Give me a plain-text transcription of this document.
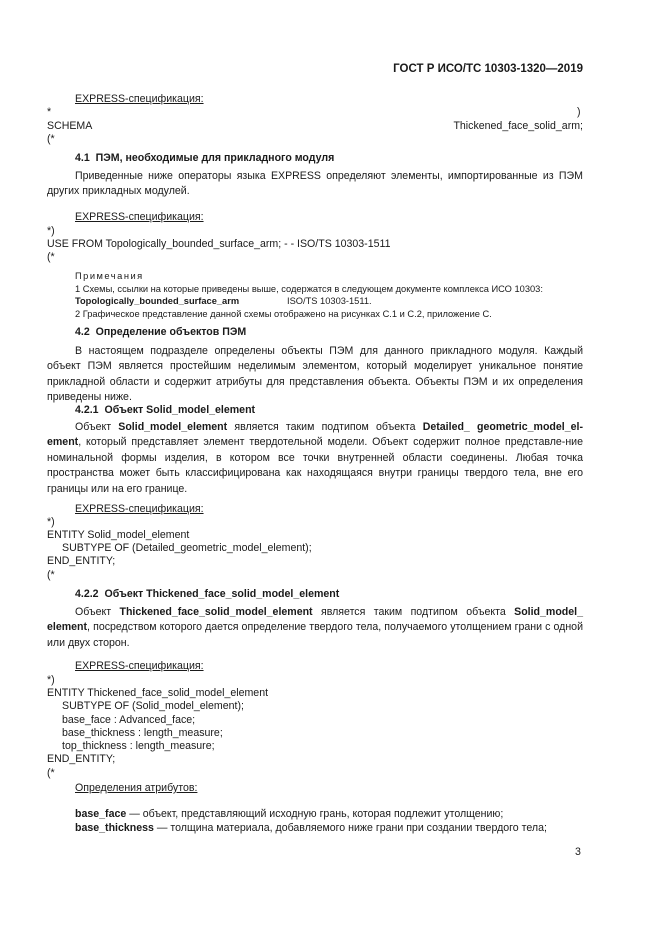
ГОСТ Р ИСО/ТС 10303-1320—2019
EXPRESS-спецификация:
*	)
SCHEMA	Thickened_face_solid_arm;
(*
4.1 ПЭМ, необходимые для прикладного модуля
Приведенные ниже операторы языка EXPRESS определяют элементы, импортированные из ПЭМ других прикладных модулей.
EXPRESS-спецификация:
*)
USE FROM Topologically_bounded_surface_arm; - - ISO/TS 10303-1511
(*
Примечания
1 Схемы, ссылки на которые приведены выше, содержатся в следующем документе комплекса ИСО 10303:
Topologically_bounded_surface_arm	ISO/TS 10303-1511.
2 Графическое представление данной схемы отображено на рисунках С.1 и С.2, приложение С.
4.2 Определение объектов ПЭМ
В настоящем подразделе определены объекты ПЭМ для данного прикладного модуля. Каждый объект ПЭМ является простейшим неделимым элементом, который моделирует уникальное понятие прикладной области и содержит атрибуты для представления объекта. Объекты ПЭМ и их определения приведены ниже.
4.2.1 Объект Solid_model_element
Объект Solid_model_element является таким подтипом объекта Detailed_ geometric_model_el-ement, который представляет элемент твердотельной модели. Объект содержит полное представле-ние номинальной формы изделия, в котором все точки внутренней области соединены. Любая точка пространства может быть классифицирована как находящаяся внутри границы твердого тела, вне его границы или на его границе.
EXPRESS-спецификация:
*)
ENTITY Solid_model_element
SUBTYPE OF (Detailed_geometric_model_element);
END_ENTITY;
(*
4.2.2 Объект Thickened_face_solid_model_element
Объект Thickened_face_solid_model_element является таким подтипом объекта Solid_model_ element, посредством которого дается определение твердого тела, получаемого утолщением грани с одной или двух сторон.
EXPRESS-спецификация:
*)
ENTITY Thickened_face_solid_model_element
SUBTYPE OF (Solid_model_element);
base_face : Advanced_face;
base_thickness : length_measure;
top_thickness : length_measure;
END_ENTITY;
(*
Определения атрибутов:
base_face — объект, представляющий исходную грань, которая подлежит утолщению;
base_thickness — толщина материала, добавляемого ниже грани при создании твердого тела;
3
